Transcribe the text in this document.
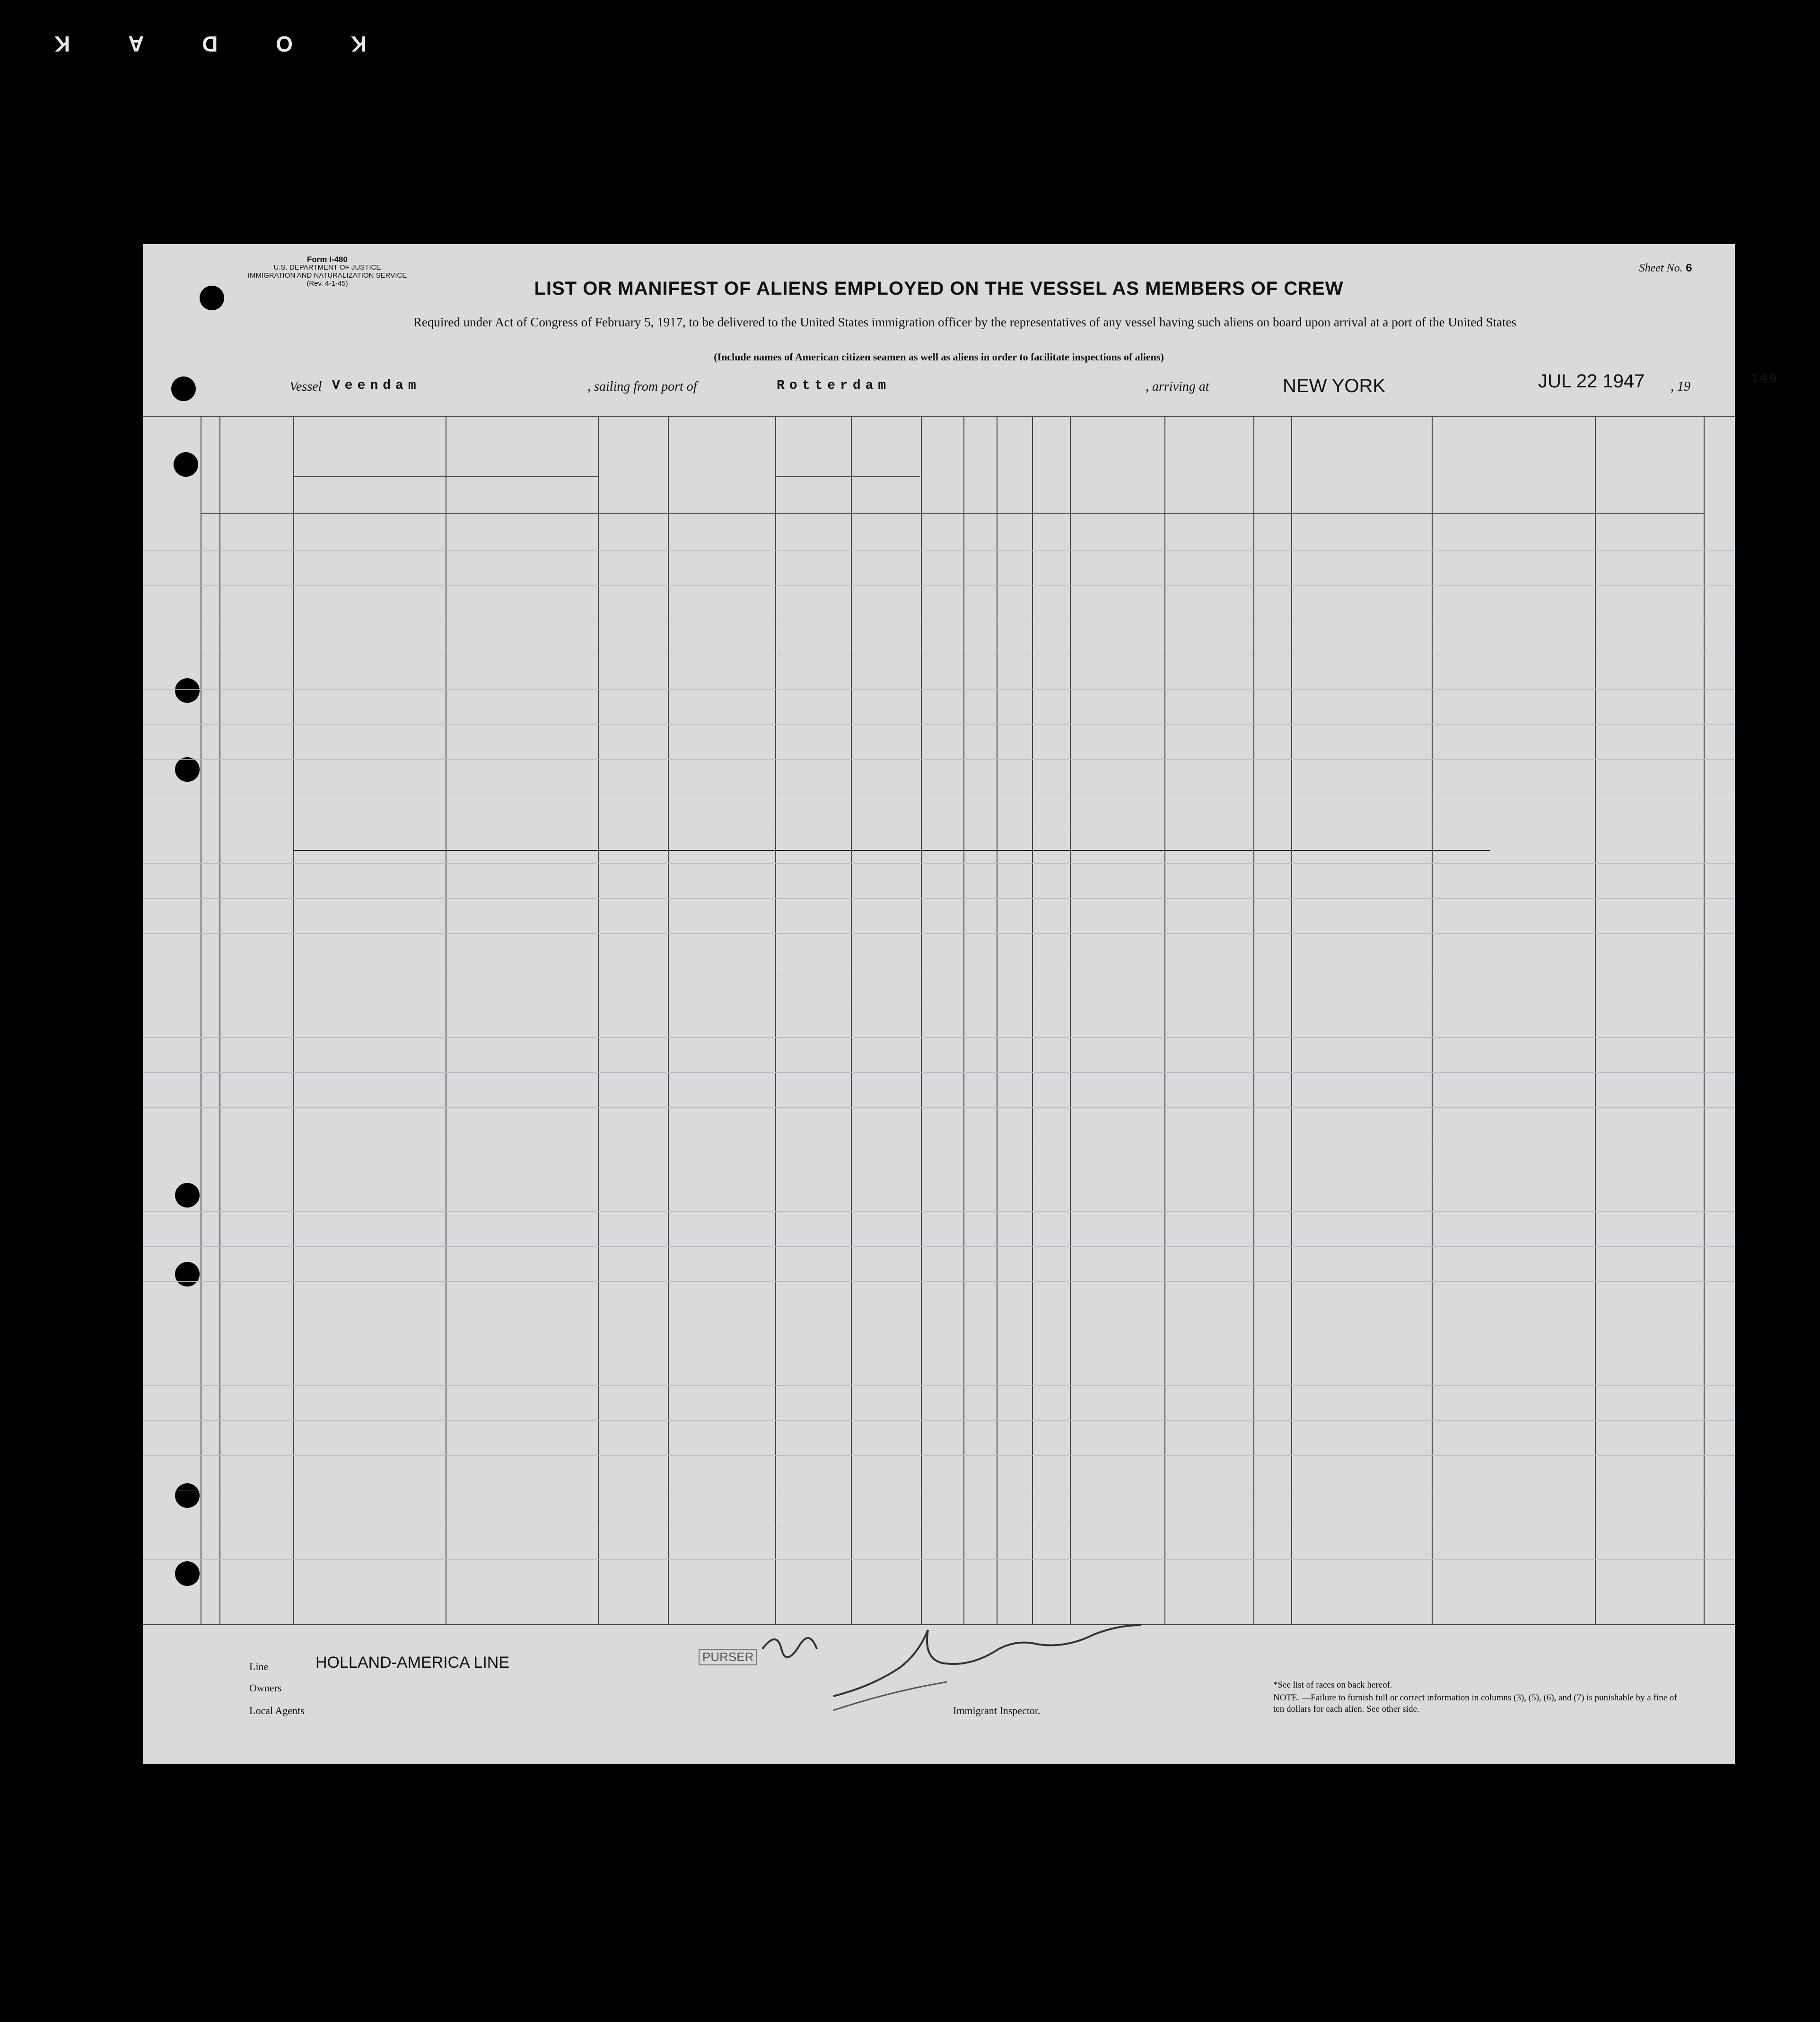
K
O
D
A
K
Form I-480
U.S. DEPARTMENT OF JUSTICE
IMMIGRATION AND NATURALIZATION SERVICE
(Rev. 4-1-45)
Sheet No. 6
LIST OR MANIFEST OF ALIENS EMPLOYED ON THE VESSEL AS MEMBERS OF CREW
Required under Act of Congress of February 5, 1917, to be delivered to the United States immigration officer by the representatives of any vessel having such aliens on board upon arrival at a port of the United States
(Include names of American citizen seamen as well as aliens in order to facilitate inspections of aliens)
Vessel Veendam	, sailing from port of	Rotterdam	, arriving at	NEW YORK	JUL 22 1947 , 19
149
Line	HOLLAND-AMERICA LINE
Owners
Local Agents	Immigrant Inspector.
*See list of races on back hereof.
NOTE. —Failure to furnish full or correct information in columns (3), (5), (6), and (7) is punishable by a fine of ten dollars for each alien. See other side.
PURSER
